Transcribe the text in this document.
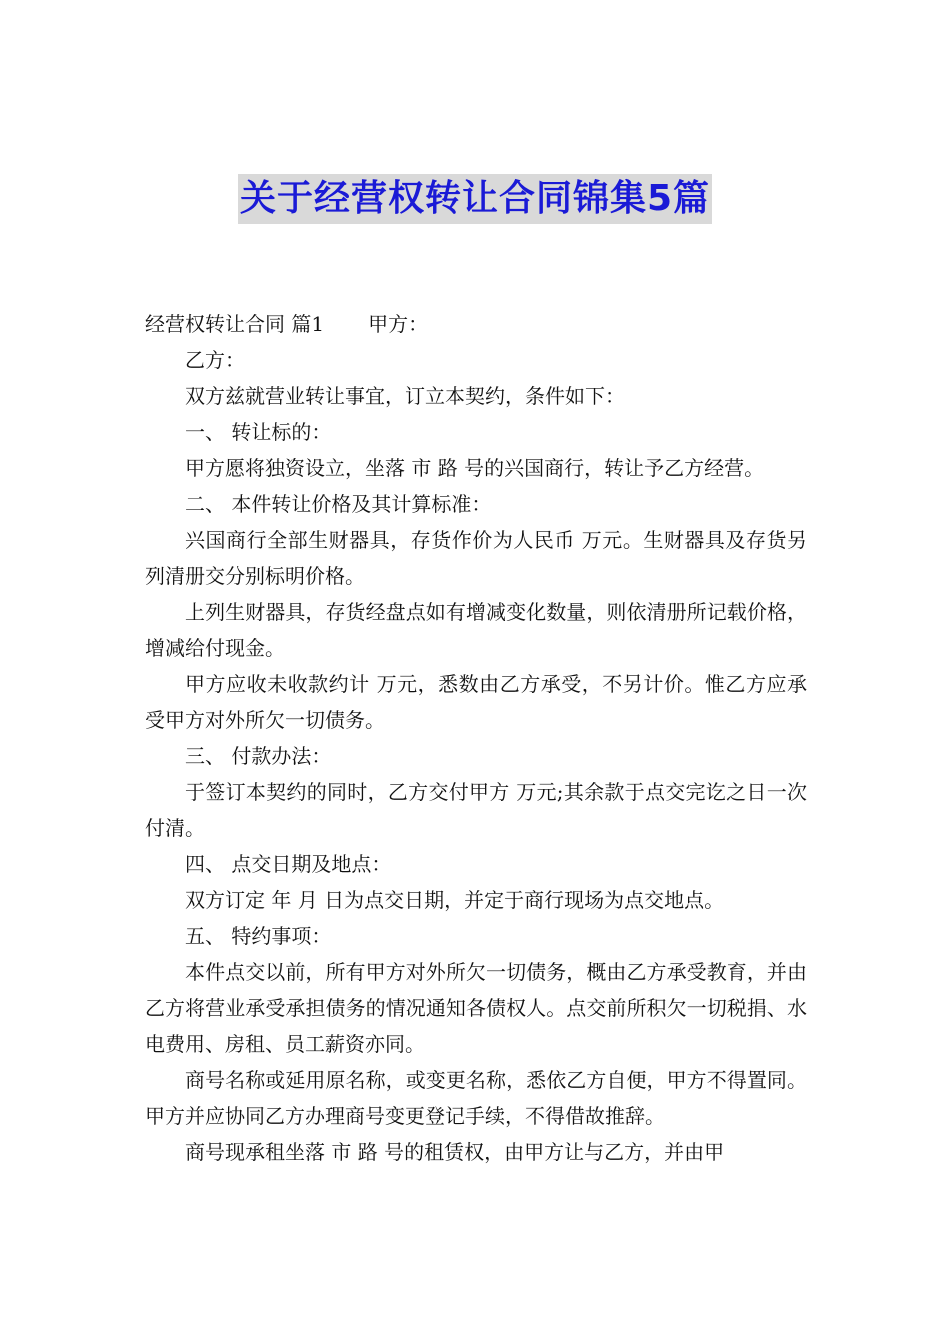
关于经营权转让合同锦集5篇

经营权转让合同 篇1 甲方：

乙方：

双方兹就营业转让事宜，订立本契约，条件如下：

一、 转让标的：

甲方愿将独资设立，坐落 市 路 号的兴国商行，转让予乙方经营。

二、 本件转让价格及其计算标准：

兴国商行全部生财器具，存货作价为人民币 万元。生财器具及存货另列清册交分别标明价格。

上列生财器具，存货经盘点如有增减变化数量，则依清册所记载价格，增减给付现金。

甲方应收未收款约计 万元，悉数由乙方承受，不另计价。惟乙方应承受甲方对外所欠一切债务。

三、 付款办法：

于签订本契约的同时，乙方交付甲方 万元;其余款于点交完讫之日一次付清。

四、 点交日期及地点：

双方订定 年 月 日为点交日期，并定于商行现场为点交地点。

五、 特约事项：

本件点交以前，所有甲方对外所欠一切债务，概由乙方承受教育，并由乙方将营业承受承担债务的情况通知各债权人。点交前所积欠一切税捐、水电费用、房租、员工薪资亦同。

商号名称或延用原名称，或变更名称，悉依乙方自便，甲方不得置同。甲方并应协同乙方办理商号变更登记手续，不得借故推辞。

商号现承租坐落 市 路 号的租赁权，由甲方让与乙方，并由甲
